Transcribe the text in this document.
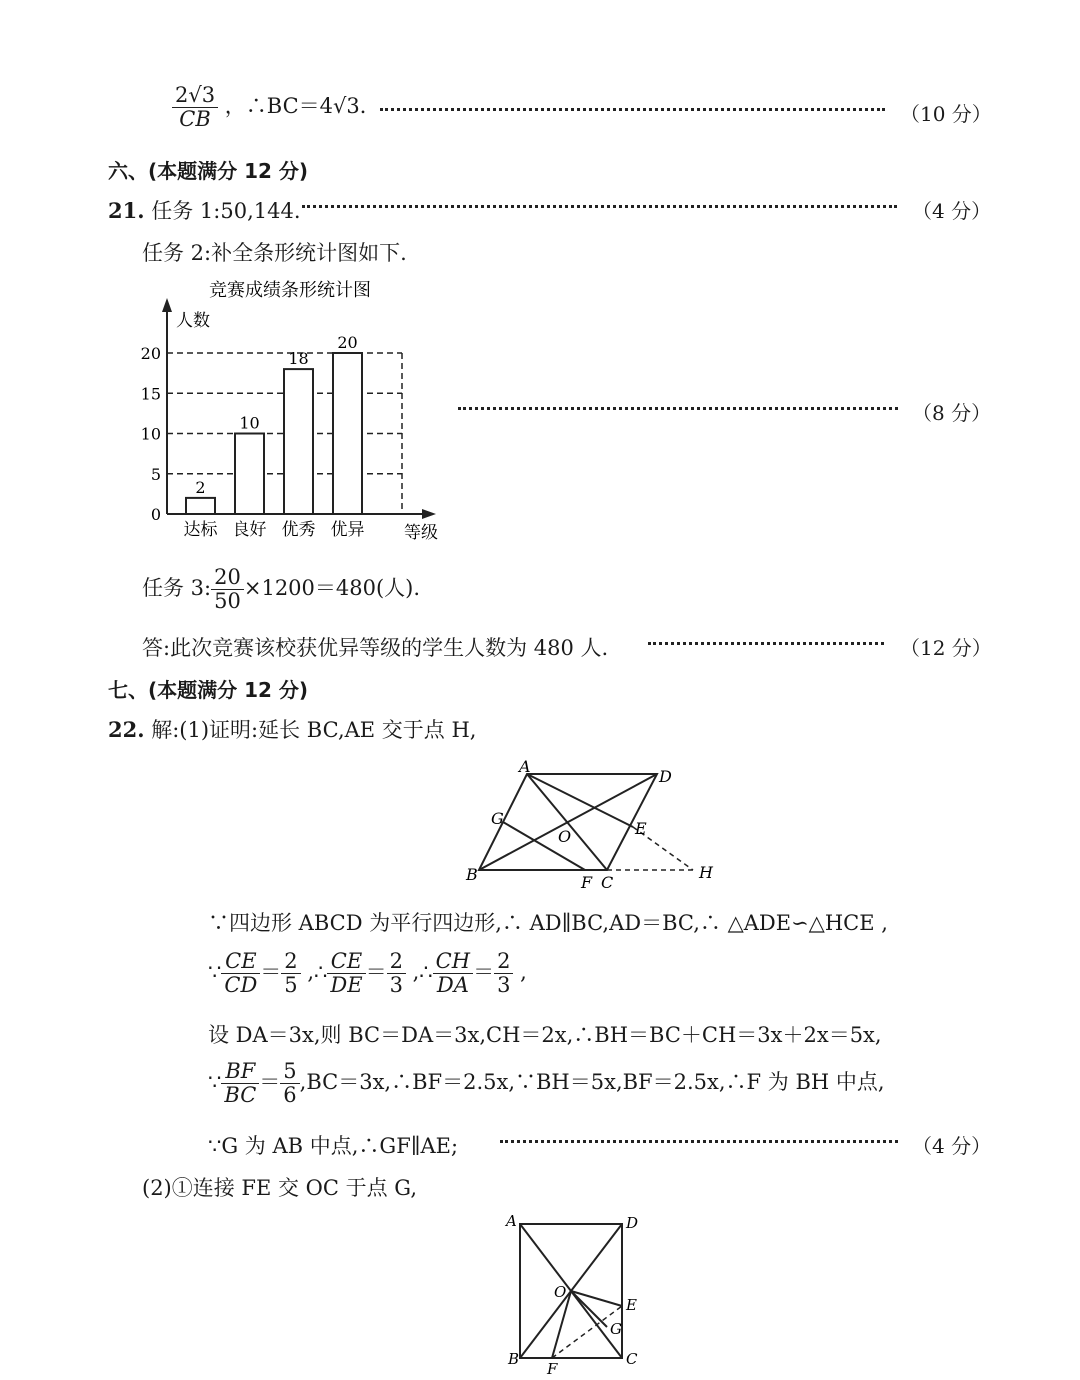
$\frac{2√3}{CB}$ ，∴BC＝4√3．	（10 分）
六、(本题满分 12 分)
21. 任务 1:50,144.	（4 分）
任务 2:补全条形统计图如下.
竞赛成绩条形统计图
人数
等级
0
5
10
15
20
2
达标
10
良好
18
优秀
20
优异
（8 分）
任务 3: $\frac{20}{50} \times 1200=480$(人).
答:此次竞赛该校获优异等级的学生人数为 480 人.	（12 分）
七、(本题满分 12 分)
22. 解:(1)证明:延长 BC,AE 交于点 H,
A
D
G
O	E
B	F C
H
∵四边形 ABCD 为平行四边形,∴ AD∥BC,AD＝BC,∴ △ADE∽△HCE ,
∵ $\frac{CE}{CD} = \frac{2}{5}$ ,∴ $\frac{CE}{DE} = \frac{2}{3}$ ,∴ $\frac{CH}{DA} = \frac{2}{3}$ ,
设 DA＝3x,则 BC＝DA＝3x,CH＝2x,∴BH＝BC＋CH＝3x＋2x＝5x,
∵ $\frac{BF}{BC} = \frac{5}{6}$ ,BC＝3x,∴BF＝2.5x,∵BH＝5x,BF＝2.5x,∴F 为 BH 中点,
∵G 为 AB 中点,∴GF∥AE;	（4 分）
(2)①连接 FE 交 OC 于点 G,
A	D
O
E
G
B
F
C
